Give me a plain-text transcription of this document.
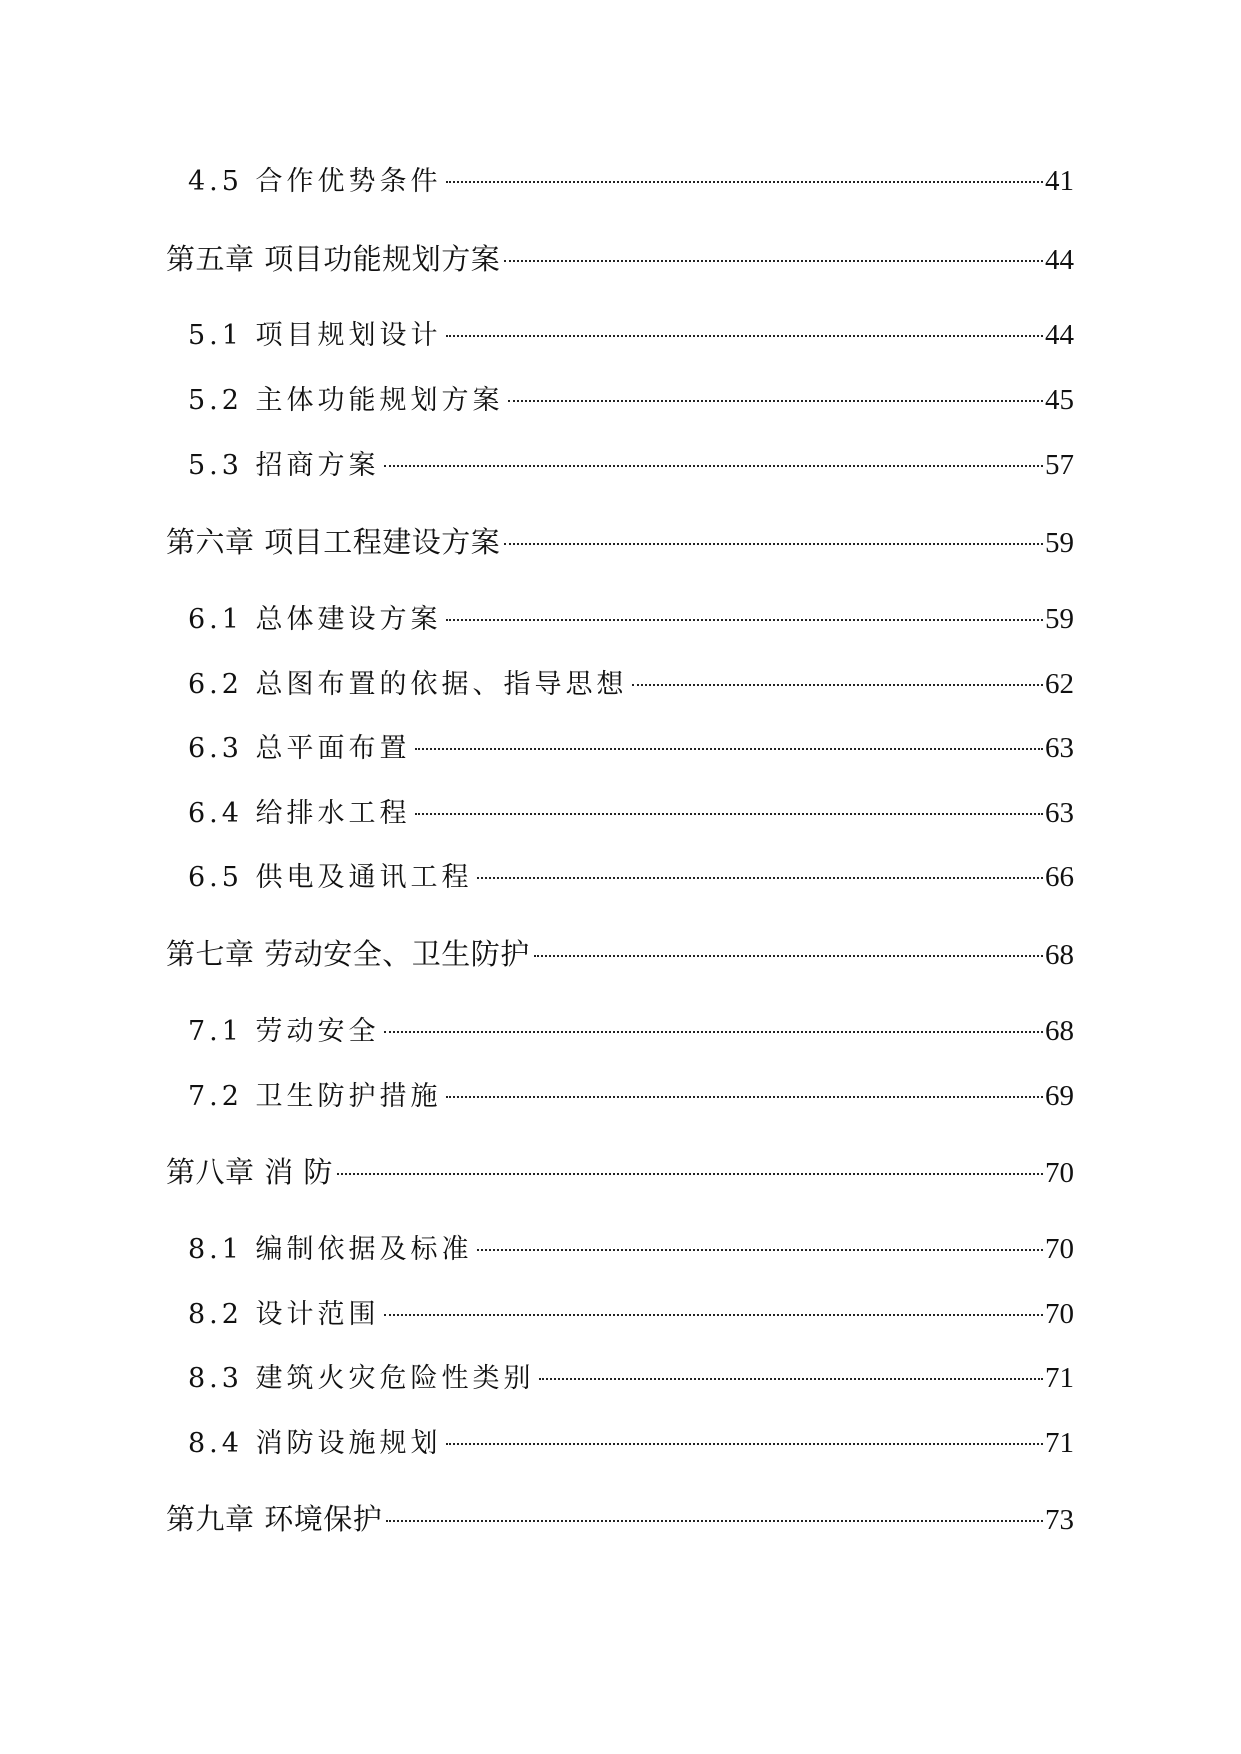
4.5 合作优势条件	41
第五章 项目功能规划方案	44
5.1 项目规划设计	44
5.2 主体功能规划方案	45
5.3 招商方案	57
第六章 项目工程建设方案	59
6.1 总体建设方案	59
6.2 总图布置的依据、指导思想	62
6.3 总平面布置	63
6.4 给排水工程	63
6.5 供电及通讯工程	66
第七章 劳动安全、卫生防护	68
7.1 劳动安全	68
7.2 卫生防护措施	69
第八章 消 防	70
8.1 编制依据及标准	70
8.2 设计范围	70
8.3 建筑火灾危险性类别	71
8.4 消防设施规划	71
第九章 环境保护	73
